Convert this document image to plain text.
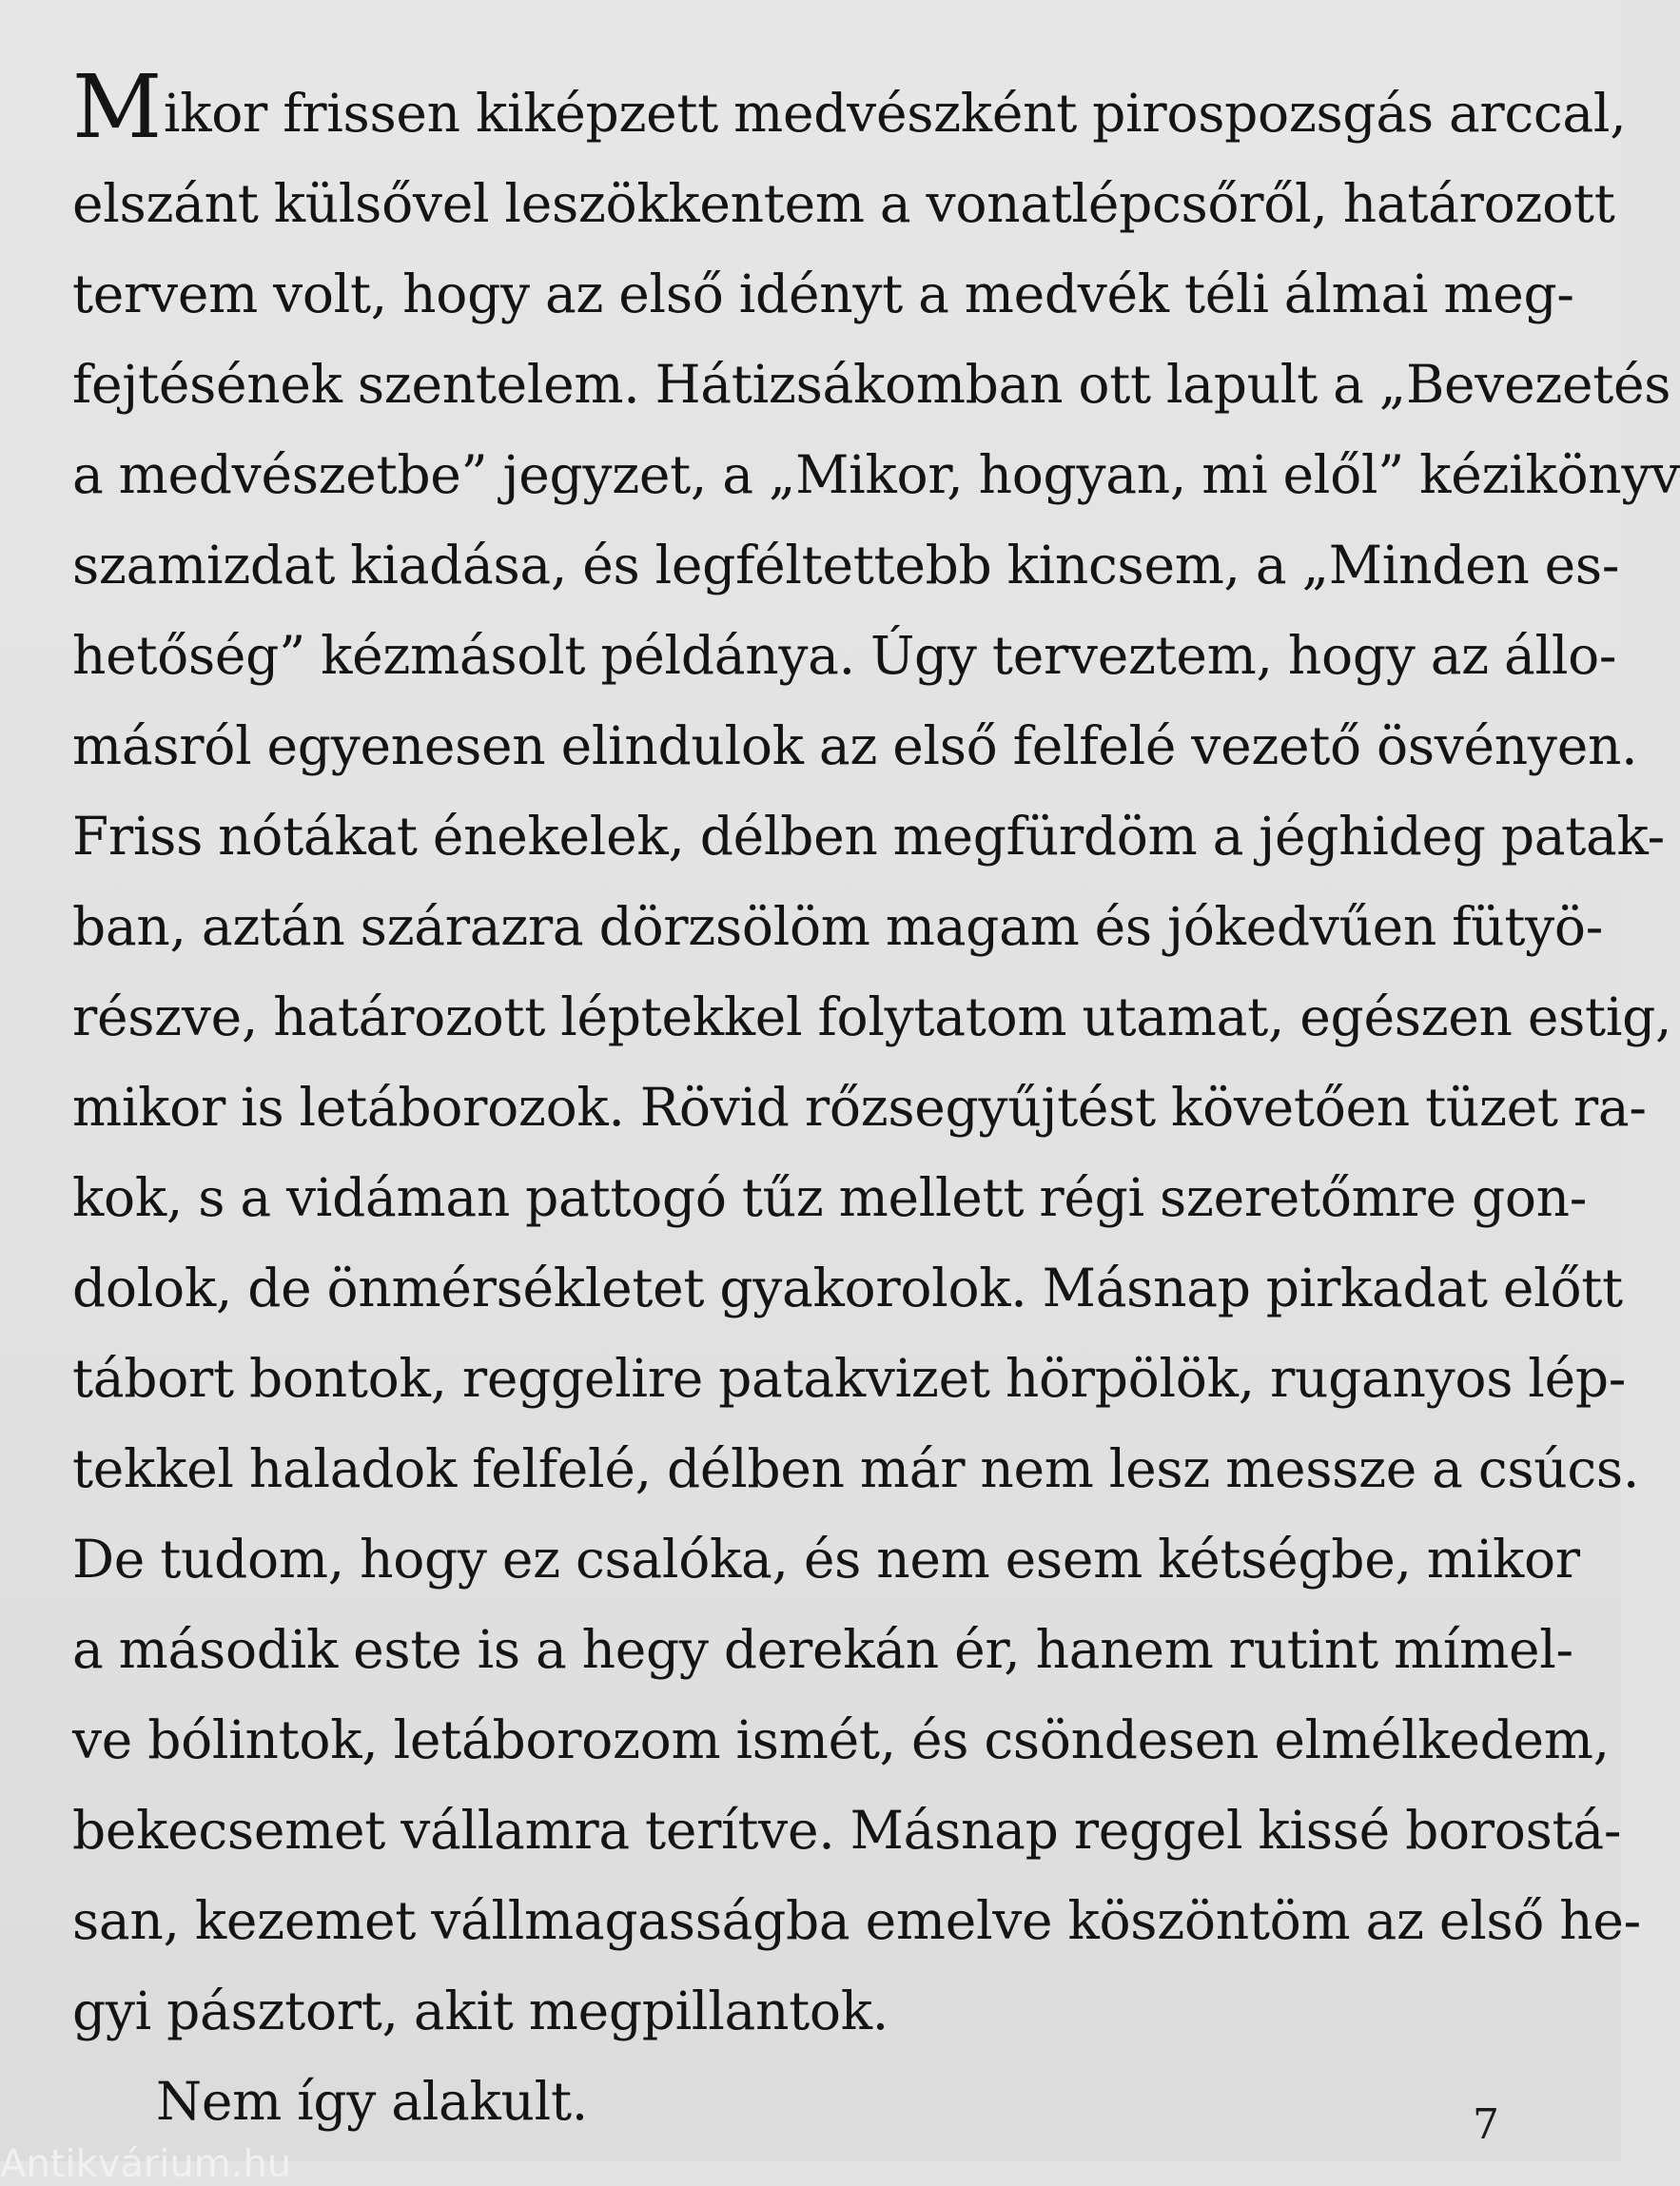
Mikor frissen kiképzett medvészként pirospozsgás arccal,
elszánt külsővel leszökkentem a vonatlépcsőről, határozott
tervem volt, hogy az első idényt a medvék téli álmai meg-
fejtésének szentelem. Hátizsákomban ott lapult a „Bevezetés
a medvészetbe” jegyzet, a „Mikor, hogyan, mi elől” kézikönyv
szamizdat kiadása, és legféltettebb kincsem, a „Minden es-
hetőség” kézmásolt példánya. Úgy terveztem, hogy az állo-
másról egyenesen elindulok az első felfelé vezető ösvényen.
Friss nótákat énekelek, délben megfürdöm a jéghideg patak-
ban, aztán szárazra dörzsölöm magam és jókedvűen fütyö-
részve, határozott léptekkel folytatom utamat, egészen estig,
mikor is letáborozok. Rövid rőzsegyűjtést követően tüzet ra-
kok, s a vidáman pattogó tűz mellett régi szeretőmre gon-
dolok, de önmérsékletet gyakorolok. Másnap pirkadat előtt
tábort bontok, reggelire patakvizet hörpölök, ruganyos lép-
tekkel haladok felfelé, délben már nem lesz messze a csúcs.
De tudom, hogy ez csalóka, és nem esem kétségbe, mikor
a második este is a hegy derekán ér, hanem rutint mímel-
ve bólintok, letáborozom ismét, és csöndesen elmélkedem,
bekecsemet vállamra terítve. Másnap reggel kissé borostá-
san, kezemet vállmagasságba emelve köszöntöm az első he-
gyi pásztort, akit megpillantok.
Nem így alakult.	7
Antikvárium.hu
